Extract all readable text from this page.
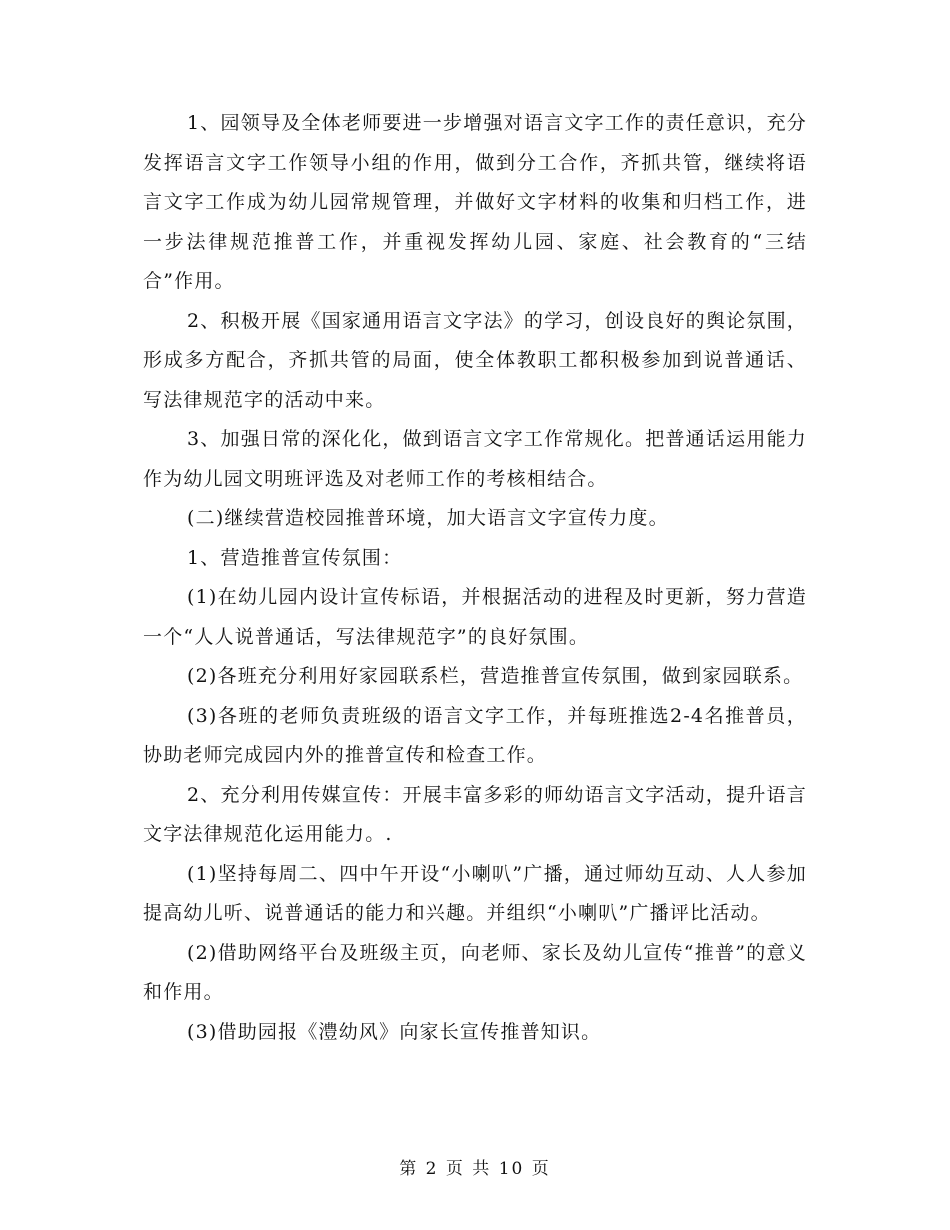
1、园领导及全体老师要进一步增强对语言文字工作的责任意识，充分发挥语言文字工作领导小组的作用，做到分工合作，齐抓共管，继续将语言文字工作成为幼儿园常规管理，并做好文字材料的收集和归档工作，进一步法律规范推普工作，并重视发挥幼儿园、家庭、社会教育的“三结合”作用。

2、积极开展《国家通用语言文字法》的学习，创设良好的舆论氛围，形成多方配合，齐抓共管的局面，使全体教职工都积极参加到说普通话、写法律规范字的活动中来。

3、加强日常的深化化，做到语言文字工作常规化。把普通话运用能力作为幼儿园文明班评选及对老师工作的考核相结合。

(二)继续营造校园推普环境，加大语言文字宣传力度。

1、营造推普宣传氛围：

(1)在幼儿园内设计宣传标语，并根据活动的进程及时更新，努力营造一个“人人说普通话，写法律规范字”的良好氛围。

(2)各班充分利用好家园联系栏，营造推普宣传氛围，做到家园联系。

(3)各班的老师负责班级的语言文字工作，并每班推选2-4名推普员，协助老师完成园内外的推普宣传和检查工作。

2、充分利用传媒宣传：开展丰富多彩的师幼语言文字活动，提升语言文字法律规范化运用能力。.

(1)坚持每周二、四中午开设“小喇叭”广播，通过师幼互动、人人参加提高幼儿听、说普通话的能力和兴趣。并组织“小喇叭”广播评比活动。

(2)借助网络平台及班级主页，向老师、家长及幼儿宣传“推普”的意义和作用。

(3)借助园报《澧幼风》向家长宣传推普知识。

第 2 页 共 10 页
